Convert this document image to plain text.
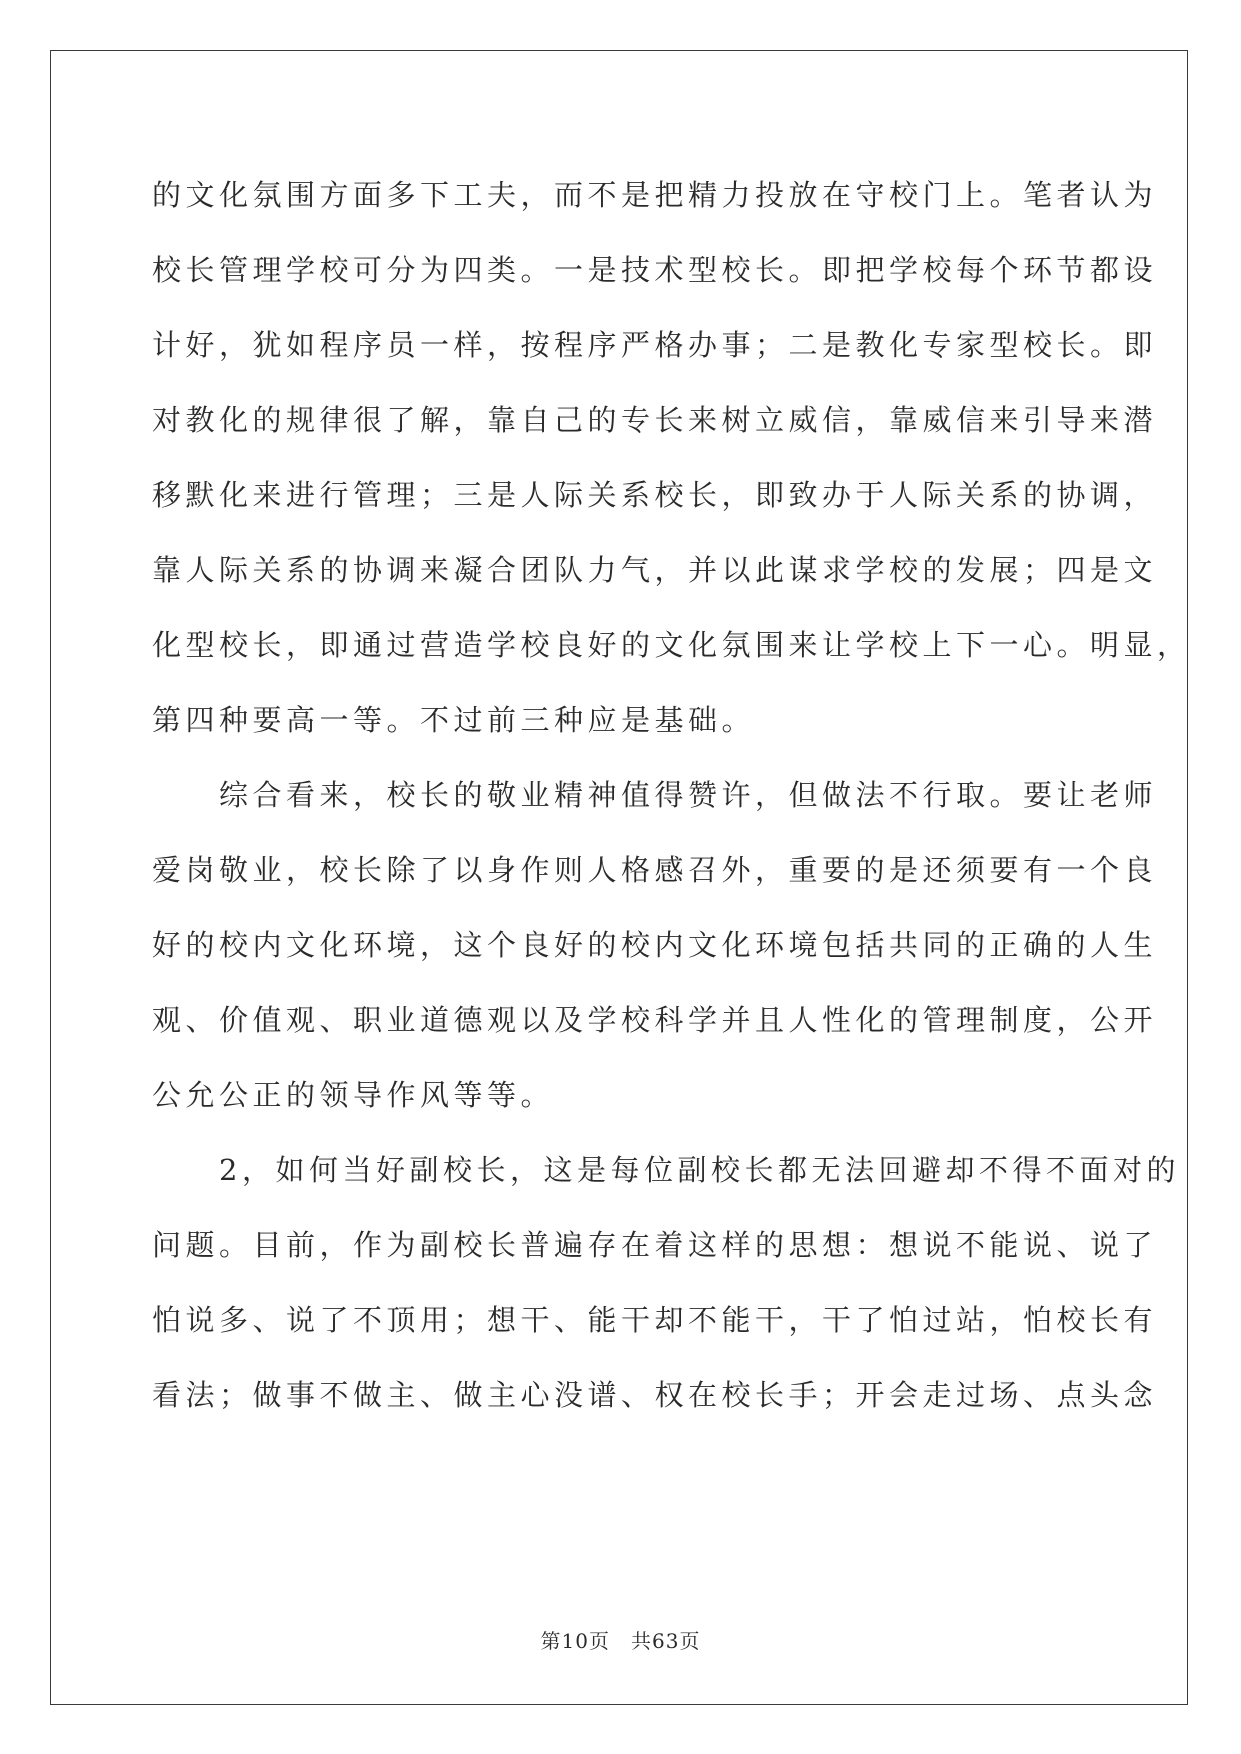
的文化氛围方面多下工夫，而不是把精力投放在守校门上。笔者认为
校长管理学校可分为四类。一是技术型校长。即把学校每个环节都设
计好，犹如程序员一样，按程序严格办事；二是教化专家型校长。即
对教化的规律很了解，靠自己的专长来树立威信，靠威信来引导来潜
移默化来进行管理；三是人际关系校长，即致办于人际关系的协调，
靠人际关系的协调来凝合团队力气，并以此谋求学校的发展；四是文
化型校长，即通过营造学校良好的文化氛围来让学校上下一心。明显，
第四种要高一等。不过前三种应是基础。
　　综合看来，校长的敬业精神值得赞许，但做法不行取。要让老师
爱岗敬业，校长除了以身作则人格感召外，重要的是还须要有一个良
好的校内文化环境，这个良好的校内文化环境包括共同的正确的人生
观、价值观、职业道德观以及学校科学并且人性化的管理制度，公开
公允公正的领导作风等等。
　　2，如何当好副校长，这是每位副校长都无法回避却不得不面对的
问题。目前，作为副校长普遍存在着这样的思想：想说不能说、说了
怕说多、说了不顶用；想干、能干却不能干，干了怕过站，怕校长有
看法；做事不做主、做主心没谱、权在校长手；开会走过场、点头念
第10页　共63页
